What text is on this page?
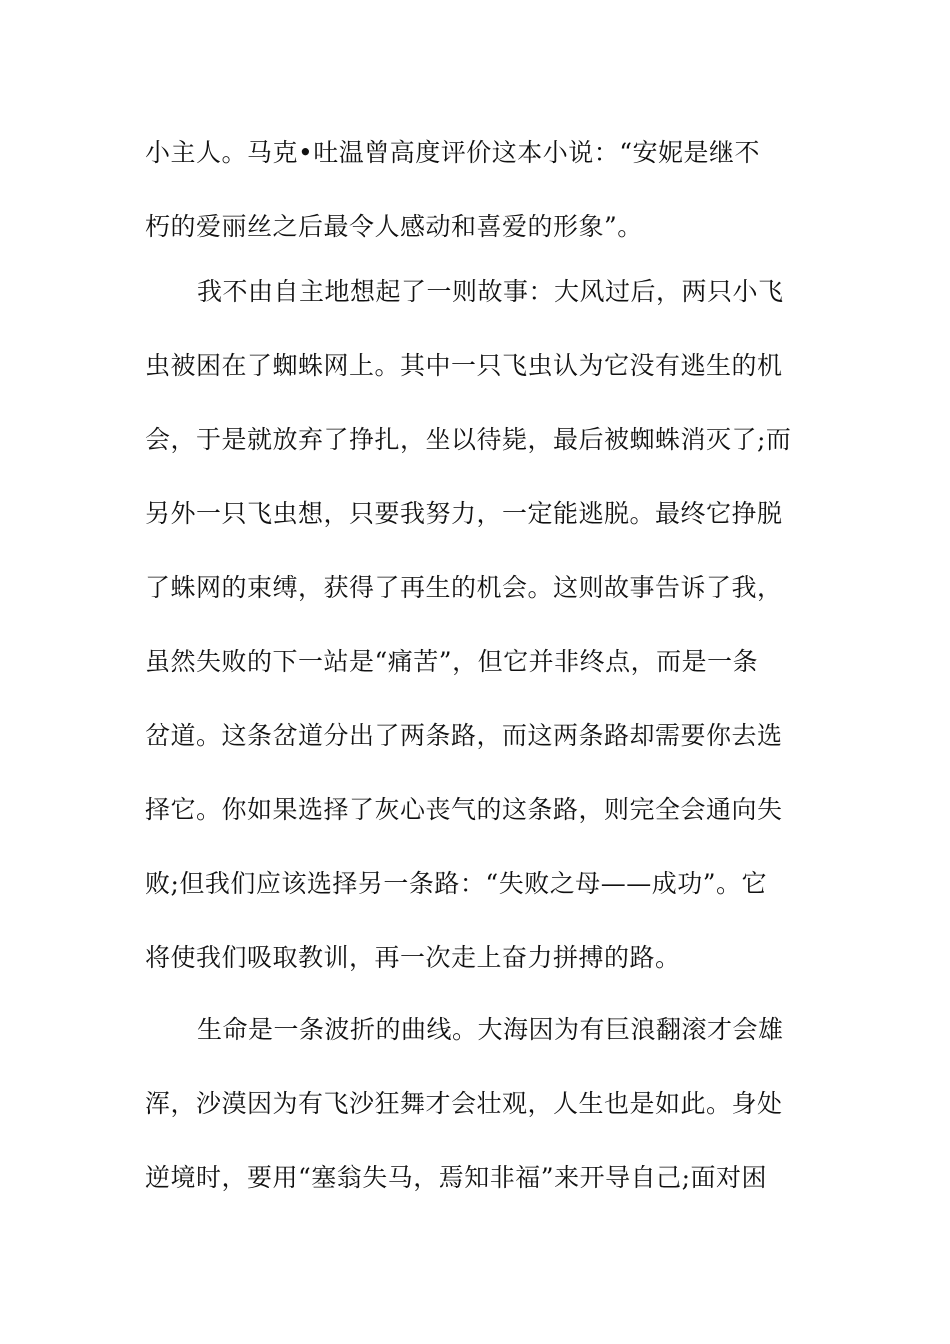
小主人。马克•吐温曾高度评价这本小说：“安妮是继不
朽的爱丽丝之后最令人感动和喜爱的形象”。
我不由自主地想起了一则故事：大风过后，两只小飞
虫被困在了蜘蛛网上。其中一只飞虫认为它没有逃生的机
会，于是就放弃了挣扎，坐以待毙，最后被蜘蛛消灭了;而
另外一只飞虫想，只要我努力，一定能逃脱。最终它挣脱
了蛛网的束缚，获得了再生的机会。这则故事告诉了我，
虽然失败的下一站是“痛苦”，但它并非终点，而是一条
岔道。这条岔道分出了两条路，而这两条路却需要你去选
择它。你如果选择了灰心丧气的这条路，则完全会通向失
败;但我们应该选择另一条路：“失败之母——成功”。它
将使我们吸取教训，再一次走上奋力拼搏的路。
生命是一条波折的曲线。大海因为有巨浪翻滚才会雄
浑，沙漠因为有飞沙狂舞才会壮观，人生也是如此。身处
逆境时，要用“塞翁失马，焉知非福”来开导自己;面对困
